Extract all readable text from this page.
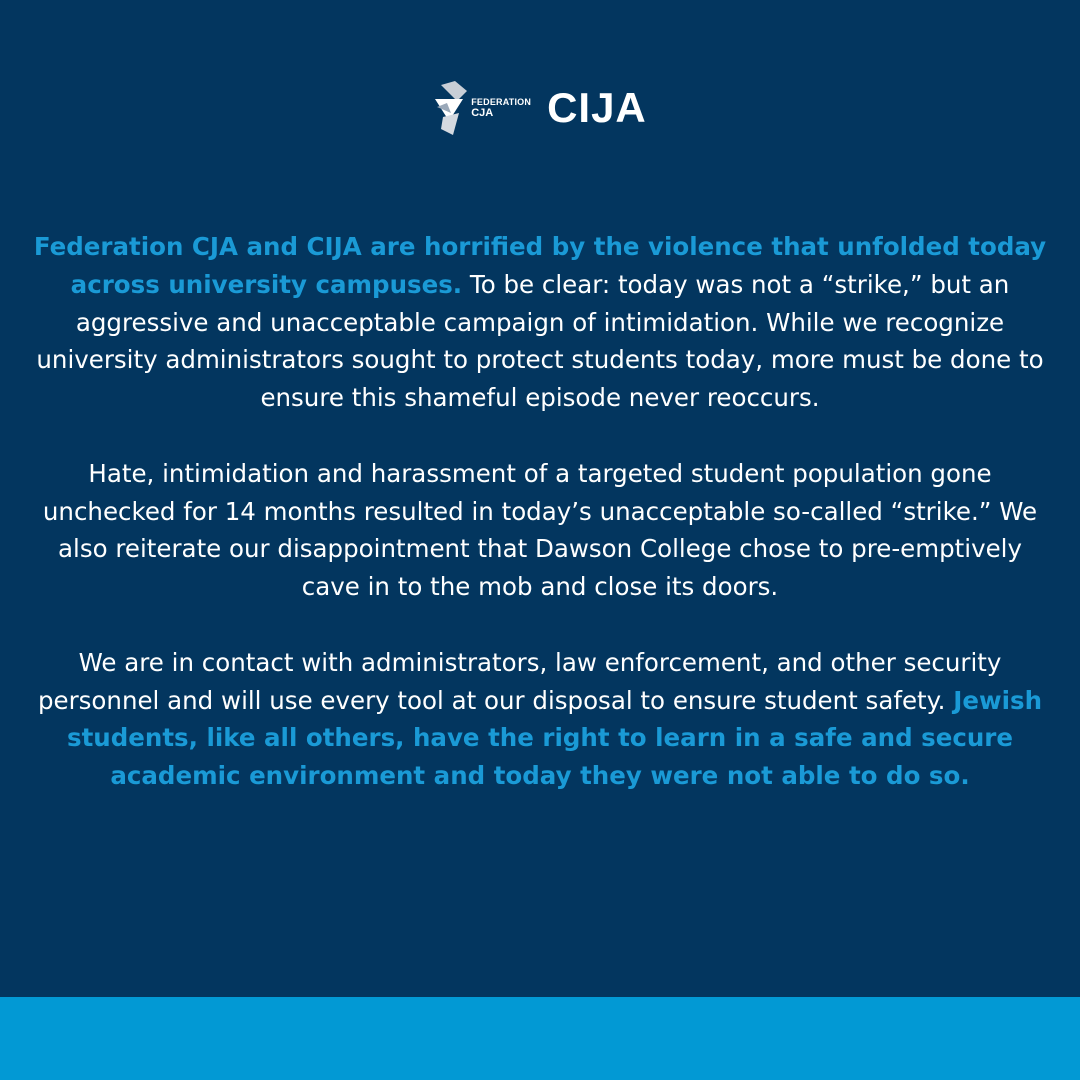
FEDERATION
CJA	CIJA

Federation CJA and CIJA are horrified by the violence that unfolded today across university campuses. To be clear: today was not a “strike,” but an aggressive and unacceptable campaign of intimidation. While we recognize university administrators sought to protect students today, more must be done to ensure this shameful episode never reoccurs.

Hate, intimidation and harassment of a targeted student population gone unchecked for 14 months resulted in today’s unacceptable so-called “strike.” We also reiterate our disappointment that Dawson College chose to pre-emptively cave in to the mob and close its doors.

We are in contact with administrators, law enforcement, and other security personnel and will use every tool at our disposal to ensure student safety. Jewish students, like all others, have the right to learn in a safe and secure academic environment and today they were not able to do so.
